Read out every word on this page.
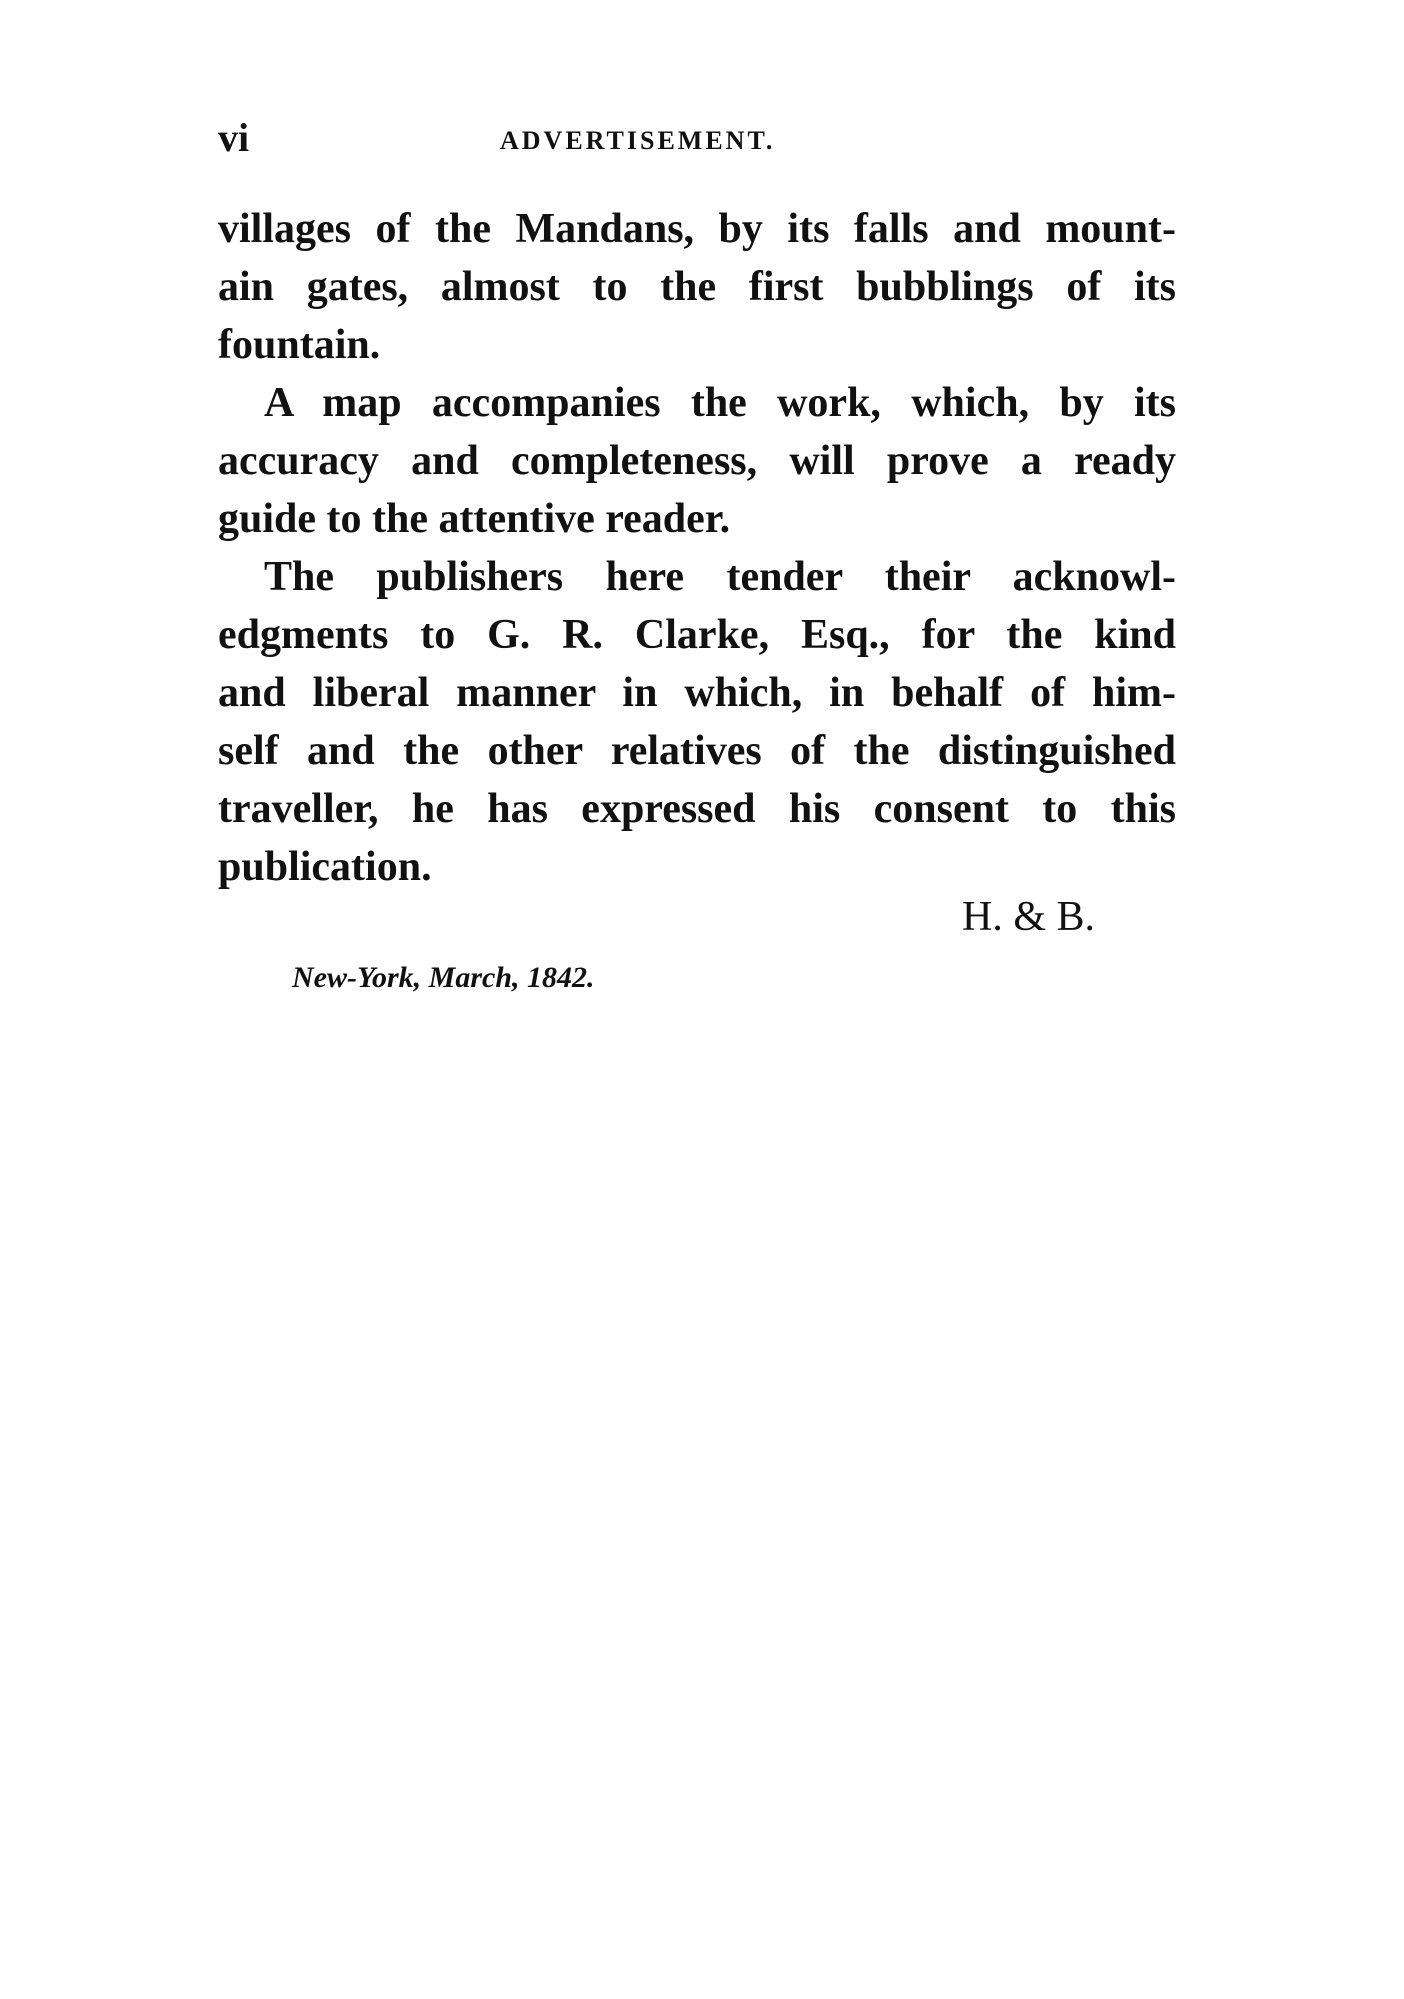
vi	ADVERTISEMENT.
villages of the Mandans, by its falls and mount-
ain gates, almost to the first bubblings of its
fountain.
A map accompanies the work, which, by its
accuracy and completeness, will prove a ready
guide to the attentive reader.
The publishers here tender their acknowl-
edgments to G. R. Clarke, Esq., for the kind
and liberal manner in which, in behalf of him-
self and the other relatives of the distinguished
traveller, he has expressed his consent to this
publication.
H. & B.
New-York, March, 1842.
